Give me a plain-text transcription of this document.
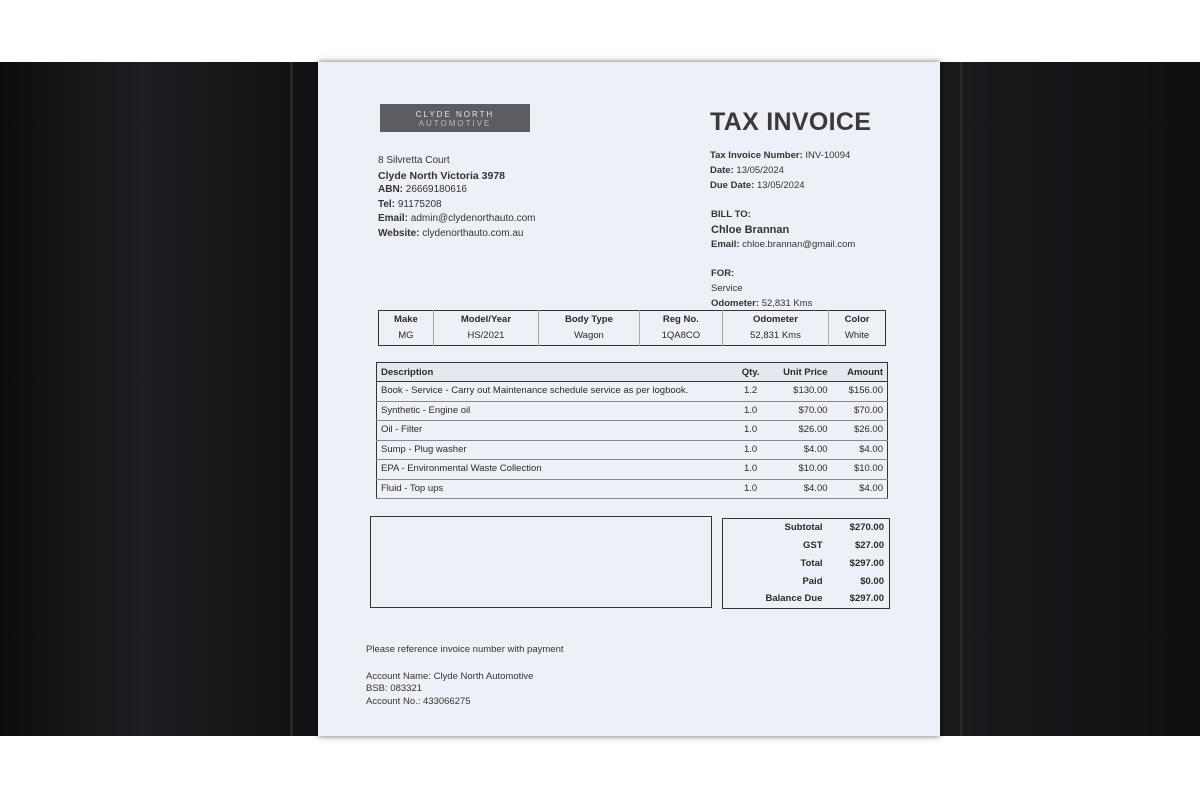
CLYDE NORTH
AUTOMOTIVE	TAX INVOICE
8 Silvretta Court
Clyde North Victoria 3978
ABN: 26669180616
Tel: 91175208
Email: admin@clydenorthauto.com
Website: clydenorthauto.com.au
Tax Invoice Number: INV-10094
Date: 13/05/2024
Due Date: 13/05/2024
BILL TO:
Chloe Brannan
Email: chloe.brannan@gmail.com
FOR:
Service
Odometer: 52,831 Kms
Make	Model/Year	Body Type	Reg No.	Odometer	Color
MG	HS/2021	Wagon	1QA8CO	52,831 Kms	White
Description	Qty.	Unit Price	Amount
Book - Service - Carry out Maintenance schedule service as per logbook.	1.2	$130.00	$156.00
Synthetic - Engine oil	1.0	$70.00	$70.00
Oil - Filter	1.0	$26.00	$26.00
Sump - Plug washer	1.0	$4.00	$4.00
EPA - Environmental Waste Collection	1.0	$10.00	$10.00
Fluid - Top ups	1.0	$4.00	$4.00
Subtotal	$270.00
GST	$27.00
Total	$297.00
Paid	$0.00
Balance Due	$297.00
Please reference invoice number with payment
Account Name: Clyde North Automotive
BSB: 083321
Account No.: 433066275
